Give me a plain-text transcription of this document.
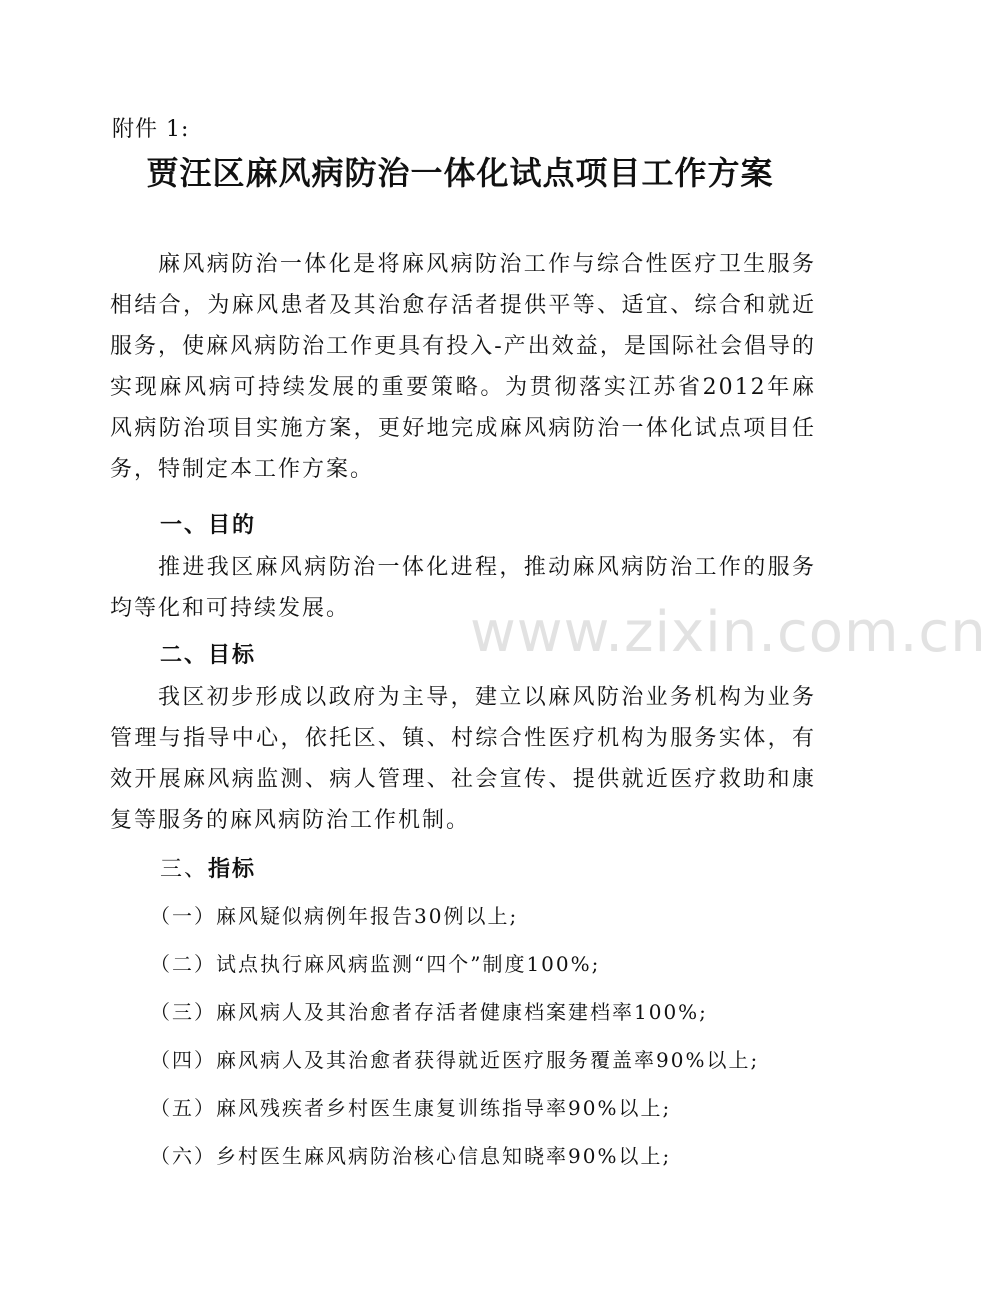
附件 1:
贾汪区麻风病防治一体化试点项目工作方案
麻风病防治一体化是将麻风病防治工作与综合性医疗卫生服务相结合，为麻风患者及其治愈存活者提供平等、适宜、综合和就近服务，使麻风病防治工作更具有投入-产出效益，是国际社会倡导的实现麻风病可持续发展的重要策略。为贯彻落实江苏省2012年麻风病防治项目实施方案，更好地完成麻风病防治一体化试点项目任务，特制定本工作方案。
一、目的
推进我区麻风病防治一体化进程，推动麻风病防治工作的服务均等化和可持续发展。
二、目标
我区初步形成以政府为主导，建立以麻风防治业务机构为业务管理与指导中心，依托区、镇、村综合性医疗机构为服务实体，有效开展麻风病监测、病人管理、社会宣传、提供就近医疗救助和康复等服务的麻风病防治工作机制。
三、指标
（一）麻风疑似病例年报告30例以上;
（二）试点执行麻风病监测“四个”制度100%;
（三）麻风病人及其治愈者存活者健康档案建档率100%;
（四）麻风病人及其治愈者获得就近医疗服务覆盖率90%以上;
（五）麻风残疾者乡村医生康复训练指导率90%以上;
（六）乡村医生麻风病防治核心信息知晓率90%以上;
www.zixin.com.cn
